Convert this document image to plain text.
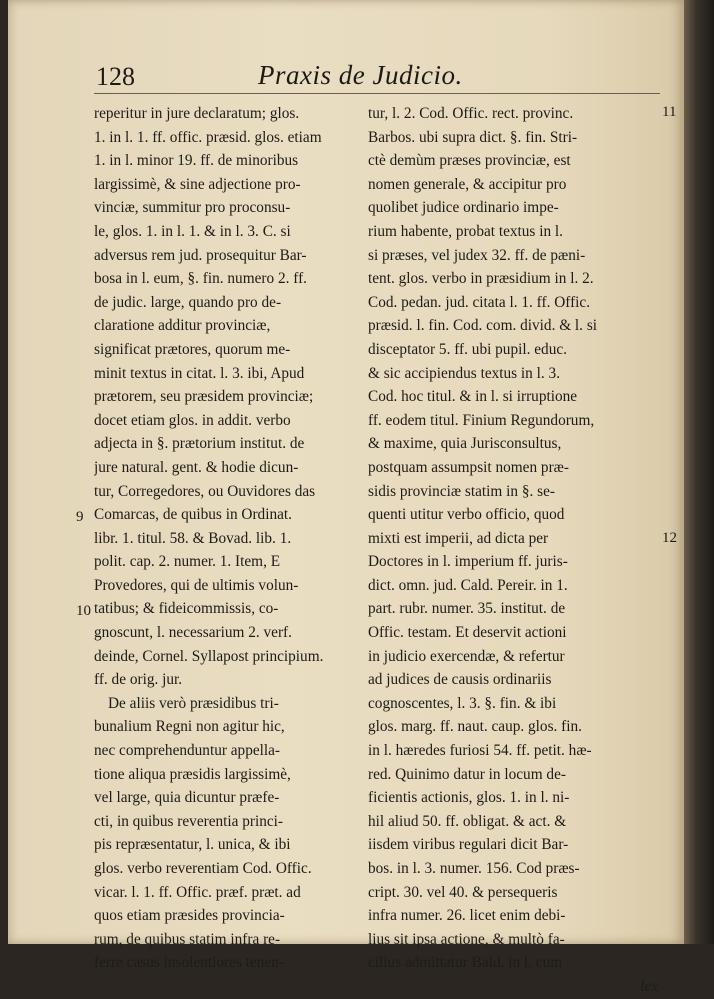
128	Praxis de Judicio.
reperitur in jure declaratum; glos.
1. in l. 1. ff. offic. præsid. glos. etiam
1. in l. minor 19. ff. de minoribus
largissimè, & sine adjectione pro-
vinciæ, summitur pro proconsu-
le, glos. 1. in l. 1. & in l. 3. C. si
adversus rem jud. prosequitur Bar-
bosa in l. eum, §. fin. numero 2. ff.
de judic. large, quando pro de-
claratione additur provinciæ,
significat prætores, quorum me-
minit textus in citat. l. 3. ibi, Apud
prætorem, seu præsidem provinciæ;
docet etiam glos. in addit. verbo
adjecta in §. prætorium institut. de
jure natural. gent. & hodie dicun-
tur, Corregedores, ou Ouvidores das
Comarcas, de quibus in Ordinat.
libr. 1. titul. 58. & Bovad. lib. 1.
polit. cap. 2. numer. 1. Item, E
Provedores, qui de ultimis volun-
tatibus; & fideicommissis, co-
gnoscunt, l. necessarium 2. verf.
deinde, Cornel. Syllapost principium.
ff. de orig. jur.
De aliis verò præsidibus tri-
bunalium Regni non agitur hic,
nec comprehenduntur appella-
tione aliqua præsidis largissimè,
vel large, quia dicuntur præfe-
cti, in quibus reverentia princi-
pis repræsentatur, l. unica, & ibi
glos. verbo reverentiam Cod. Offic.
vicar. l. 1. ff. Offic. præf. præt. ad
quos etiam præsides provincia-
rum, de quibus statim infra re-
ferre casus insolentiores tenen-
tur, l. 2. Cod. Offic. rect. provinc.
Barbos. ubi supra dict. §. fin. Stri-
ctè demùm præses provinciæ, est
nomen generale, & accipitur pro
quolibet judice ordinario impe-
rium habente, probat textus in l.
si præses, vel judex 32. ff. de pæni-
tent. glos. verbo in præsidium in l. 2.
Cod. pedan. jud. citata l. 1. ff. Offic.
præsid. l. fin. Cod. com. divid. & l. si
disceptator 5. ff. ubi pupil. educ.
& sic accipiendus textus in l. 3.
Cod. hoc titul. & in l. si irruptione
ff. eodem titul. Finium Regundorum,
& maxime, quia Jurisconsultus,
postquam assumpsit nomen præ-
sidis provinciæ statim in §. se-
quenti utitur verbo officio, quod
mixti est imperii, ad dicta per
Doctores in l. imperium ff. juris-
dict. omn. jud. Cald. Pereir. in 1.
part. rubr. numer. 35. institut. de
Offic. testam. Et deservit actioni
in judicio exercendæ, & refertur
ad judices de causis ordinariis
cognoscentes, l. 3. §. fin. & ibi
glos. marg. ff. naut. caup. glos. fin.
in l. hæredes furiosi 54. ff. petit. hæ-
red. Quinimo datur in locum de-
ficientis actionis, glos. 1. in l. ni-
hil aliud 50. ff. obligat. & act. &
iisdem viribus regulari dicit Bar-
bos. in l. 3. numer. 156. Cod præs-
cript. 30. vel 40. & persequeris
infra numer. 26. licet enim debi-
lius sit ipsa actione, & multò fa-
cilius admittatur Bald. in l. cum
lex
9
10
11
12
